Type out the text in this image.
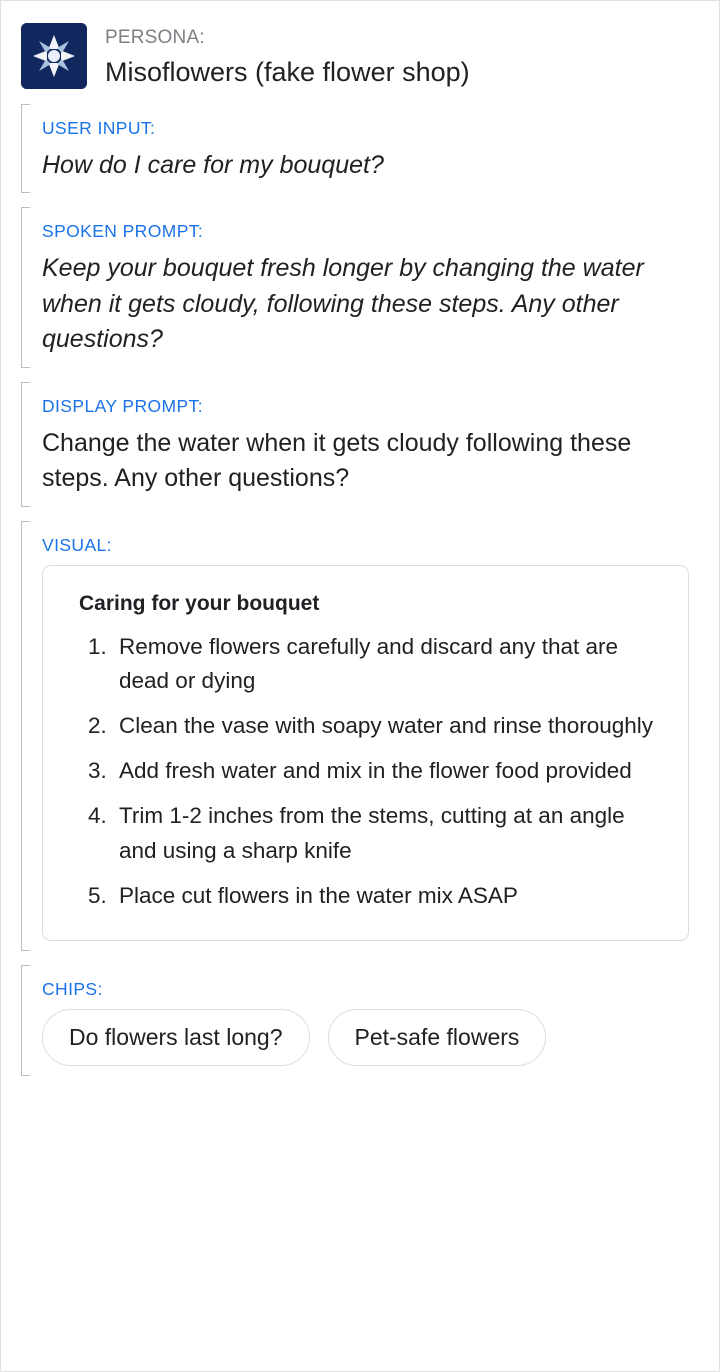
PERSONA:
Misoflowers (fake flower shop)
USER INPUT:
How do I care for my bouquet?
SPOKEN PROMPT:
Keep your bouquet fresh longer by changing the water when it gets cloudy, following these steps. Any other questions?
DISPLAY PROMPT:
Change the water when it gets cloudy following these steps. Any other questions?
VISUAL:
Caring for your bouquet
1. Remove flowers carefully and discard any that are dead or dying
2. Clean the vase with soapy water and rinse thoroughly
3. Add fresh water and mix in the flower food provided
4. Trim 1-2 inches from the stems, cutting at an angle and using a sharp knife
5. Place cut flowers in the water mix ASAP
CHIPS:
Do flowers last long?	Pet-safe flowers
